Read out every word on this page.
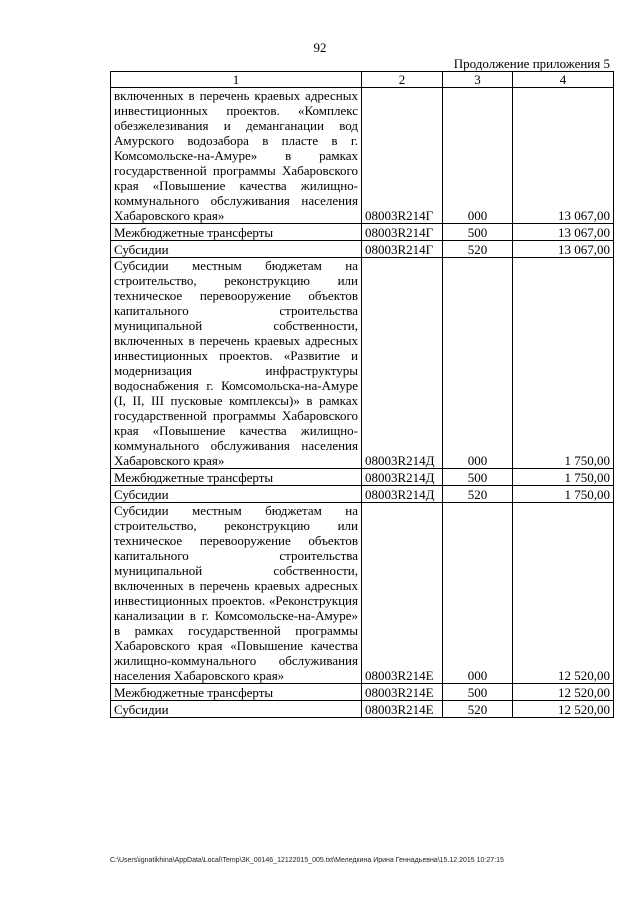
92
Продолжение приложения 5
1	2	3	4
включенных в перечень краевых адресных инвестиционных проектов. «Комплекс обезжелезивания и деманганации вод Амурского водозабора в пласте в г. Комсомольске-на-Амуре» в рамках государственной программы Хабаровского края «Повышение качества жилищно-коммунального обслуживания населения Хабаровского края»	08003R214Г	000	13 067,00
Межбюджетные трансферты	08003R214Г	500	13 067,00
Субсидии	08003R214Г	520	13 067,00
Субсидии местным бюджетам на строительство, реконструкцию или техническое перевооружение объектов капитального строительства муниципальной собственности, включенных в перечень краевых адресных инвестиционных проектов. «Развитие и модернизация инфраструктуры водоснабжения г. Комсомольска-на-Амуре (I, II, III пусковые комплексы)» в рамках государственной программы Хабаровского края «Повышение качества жилищно-коммунального обслуживания населения Хабаровского края»	08003R214Д	000	1 750,00
Межбюджетные трансферты	08003R214Д	500	1 750,00
Субсидии	08003R214Д	520	1 750,00
Субсидии местным бюджетам на строительство, реконструкцию или техническое перевооружение объектов капитального строительства муниципальной собственности, включенных в перечень краевых адресных инвестиционных проектов. «Реконструкция канализации в г. Комсомольске-на-Амуре» в рамках государственной программы Хабаровского края «Повышение качества жилищно-коммунального обслуживания населения Хабаровского края»	08003R214Е	000	12 520,00
Межбюджетные трансферты	08003R214Е	500	12 520,00
Субсидии	08003R214Е	520	12 520,00
C:\Users\ignatikhina\AppData\Local\Temp\ЗК_00146_12122015_005.txt\Меледкина Ирина Геннадьевна\15.12.2015 10:27:15
